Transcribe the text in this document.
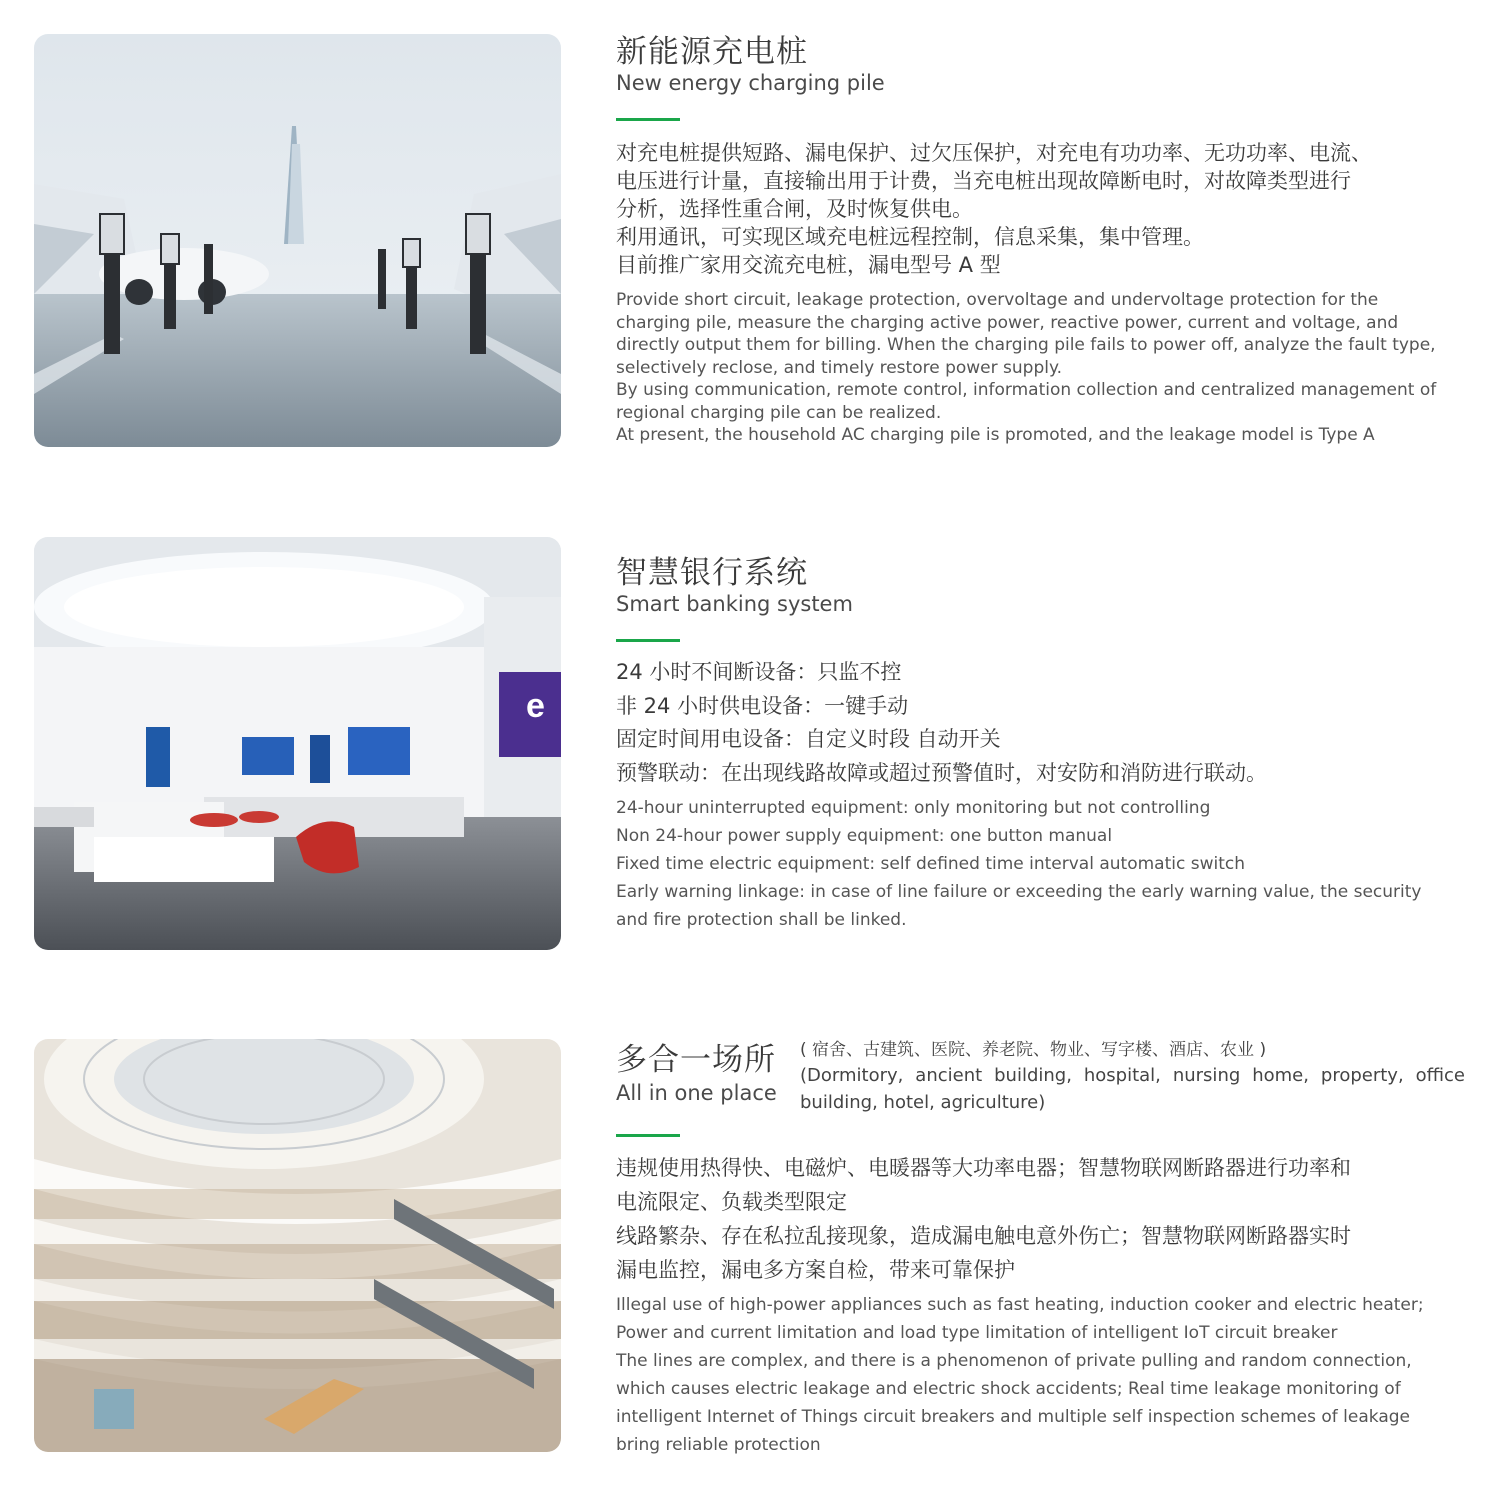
新能源充电桩
New energy charging pile
对充电桩提供短路、漏电保护、过欠压保护，对充电有功功率、无功功率、电流、
电压进行计量，直接输出用于计费，当充电桩出现故障断电时，对故障类型进行
分析，选择性重合闸，及时恢复供电。
利用通讯，可实现区域充电桩远程控制，信息采集，集中管理。
目前推广家用交流充电桩，漏电型号 A 型
Provide short circuit, leakage protection, overvoltage and undervoltage protection for the
charging pile, measure the charging active power, reactive power, current and voltage, and
directly output them for billing. When the charging pile fails to power off, analyze the fault type,
selectively reclose, and timely restore power supply.
By using communication, remote control, information collection and centralized management of
regional charging pile can be realized.
At present, the household AC charging pile is promoted, and the leakage model is Type A
e
智慧银行系统
Smart banking system
24 小时不间断设备：只监不控
非 24 小时供电设备：一键手动
固定时间用电设备：自定义时段 自动开关
预警联动：在出现线路故障或超过预警值时，对安防和消防进行联动。
24-hour uninterrupted equipment: only monitoring but not controlling
Non 24-hour power supply equipment: one button manual
Fixed time electric equipment: self defined time interval automatic switch
Early warning linkage: in case of line failure or exceeding the early warning value, the security
and fire protection shall be linked.
多合一场所
All in one place
( 宿舍、古建筑、医院、养老院、物业、写字楼、酒店、农业 )
(Dormitory, ancient building, hospital, nursing home, property, office building, hotel, agriculture)
违规使用热得快、电磁炉、电暖器等大功率电器；智慧物联网断路器进行功率和
电流限定、负载类型限定
线路繁杂、存在私拉乱接现象，造成漏电触电意外伤亡；智慧物联网断路器实时
漏电监控，漏电多方案自检，带来可靠保护
Illegal use of high-power appliances such as fast heating, induction cooker and electric heater;
Power and current limitation and load type limitation of intelligent IoT circuit breaker
The lines are complex, and there is a phenomenon of private pulling and random connection,
which causes electric leakage and electric shock accidents; Real time leakage monitoring of
intelligent Internet of Things circuit breakers and multiple self inspection schemes of leakage
bring reliable protection
